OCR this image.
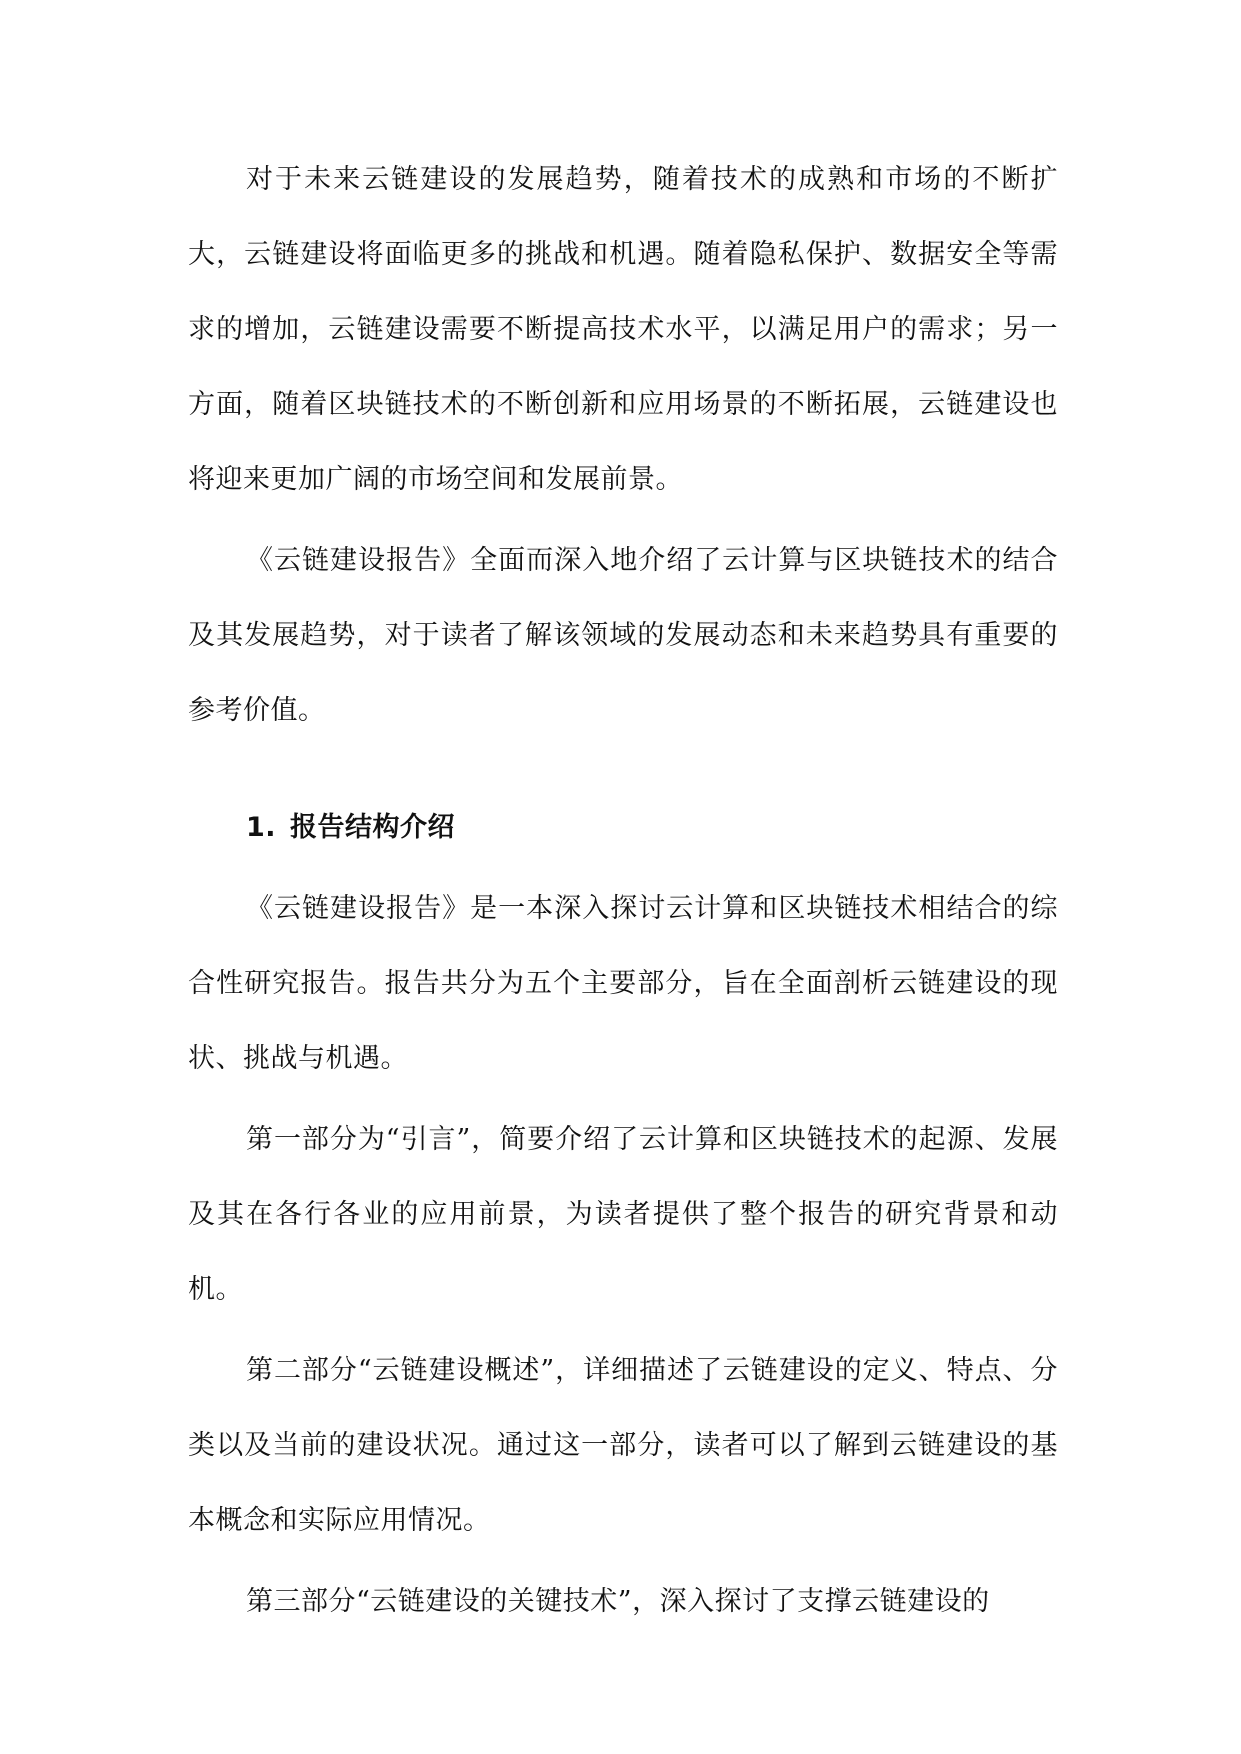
对于未来云链建设的发展趋势，随着技术的成熟和市场的不断扩大，云链建设将面临更多的挑战和机遇。随着隐私保护、数据安全等需求的增加，云链建设需要不断提高技术水平，以满足用户的需求；另一方面，随着区块链技术的不断创新和应用场景的不断拓展，云链建设也将迎来更加广阔的市场空间和发展前景。

《云链建设报告》全面而深入地介绍了云计算与区块链技术的结合及其发展趋势，对于读者了解该领域的发展动态和未来趋势具有重要的参考价值。

1. 报告结构介绍

《云链建设报告》是一本深入探讨云计算和区块链技术相结合的综合性研究报告。报告共分为五个主要部分，旨在全面剖析云链建设的现状、挑战与机遇。

第一部分为“引言”，简要介绍了云计算和区块链技术的起源、发展及其在各行各业的应用前景，为读者提供了整个报告的研究背景和动机。

第二部分“云链建设概述”，详细描述了云链建设的定义、特点、分类以及当前的建设状况。通过这一部分，读者可以了解到云链建设的基本概念和实际应用情况。

第三部分“云链建设的关键技术”，深入探讨了支撑云链建设的
